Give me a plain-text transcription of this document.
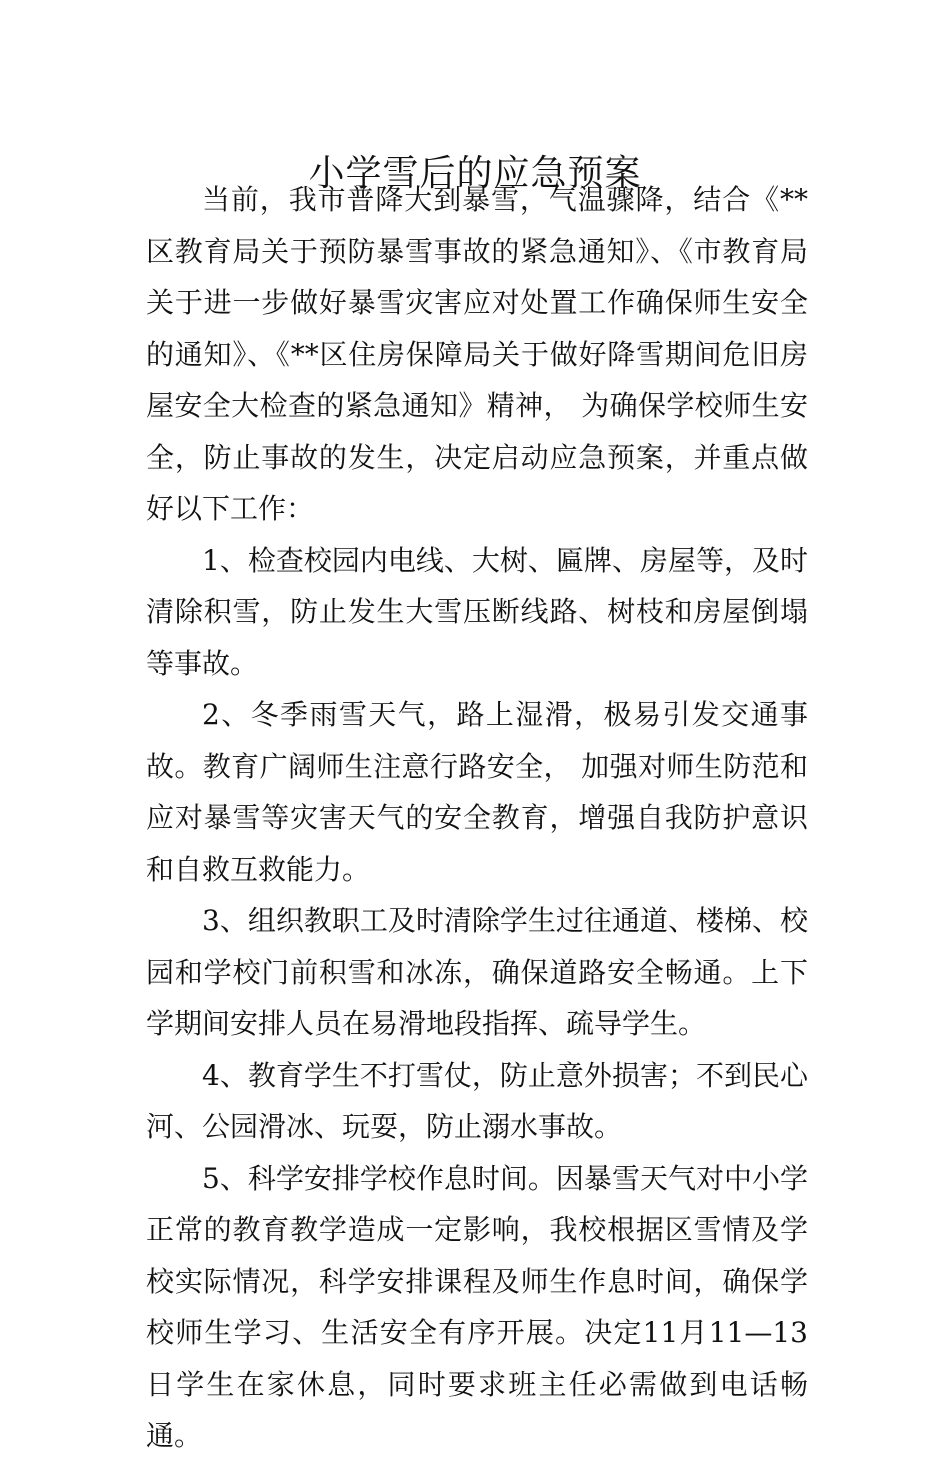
小学雪后的应急预案

当前，我市普降大到暴雪，气温骤降，结合《**区教育局关于预防暴雪事故的紧急通知》、《市教育局关于进一步做好暴雪灾害应对处置工作确保师生安全的通知》、《**区住房保障局关于做好降雪期间危旧房屋安全大检查的紧急通知》精神， 为确保学校师生安全，防止事故的发生，决定启动应急预案，并重点做好以下工作：

1、检查校园内电线、大树、匾牌、房屋等，及时清除积雪，防止发生大雪压断线路、树枝和房屋倒塌等事故。

2、冬季雨雪天气，路上湿滑，极易引发交通事故。教育广阔师生注意行路安全， 加强对师生防范和应对暴雪等灾害天气的安全教育，增强自我防护意识和自救互救能力。

3、组织教职工及时清除学生过往通道、楼梯、校园和学校门前积雪和冰冻，确保道路安全畅通。上下学期间安排人员在易滑地段指挥、疏导学生。

4、教育学生不打雪仗，防止意外损害；不到民心河、公园滑冰、玩耍，防止溺水事故。

5、科学安排学校作息时间。因暴雪天气对中小学正常的教育教学造成一定影响，我校根据区雪情及学校实际情况，科学安排课程及师生作息时间，确保学校师生学习、生活安全有序开展。决定11月11—13日学生在家休息，同时要求班主任必需做到电话畅通。
